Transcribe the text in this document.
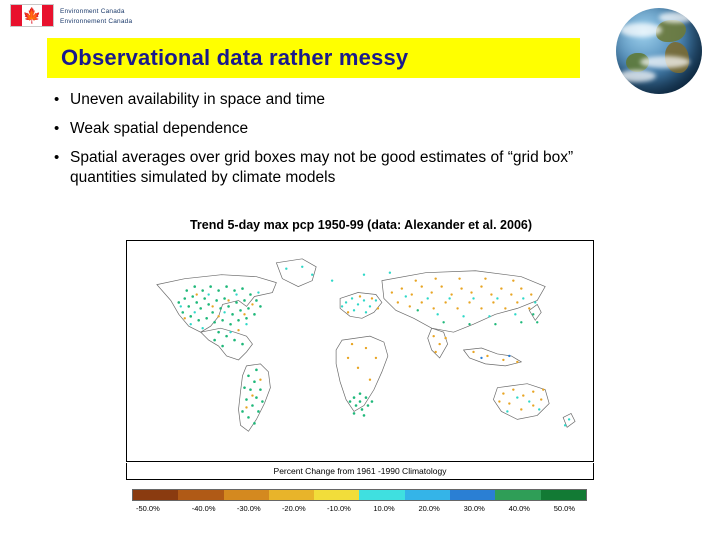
🍁	Environment Canada
Environnement Canada
Observational data rather messy
• Uneven availability in space and time
• Weak spatial dependence
• Spatial averages over grid boxes may not be good estimates of “grid box” quantities simulated by climate models
Trend 5-day max pcp 1950-99 (data: Alexander et al. 2006)
Percent Change from 1961 -1990 Climatology
-50.0%	-40.0%	-30.0%	-20.0%	-10.0%	10.0%	20.0%	30.0%	40.0%	50.0%
